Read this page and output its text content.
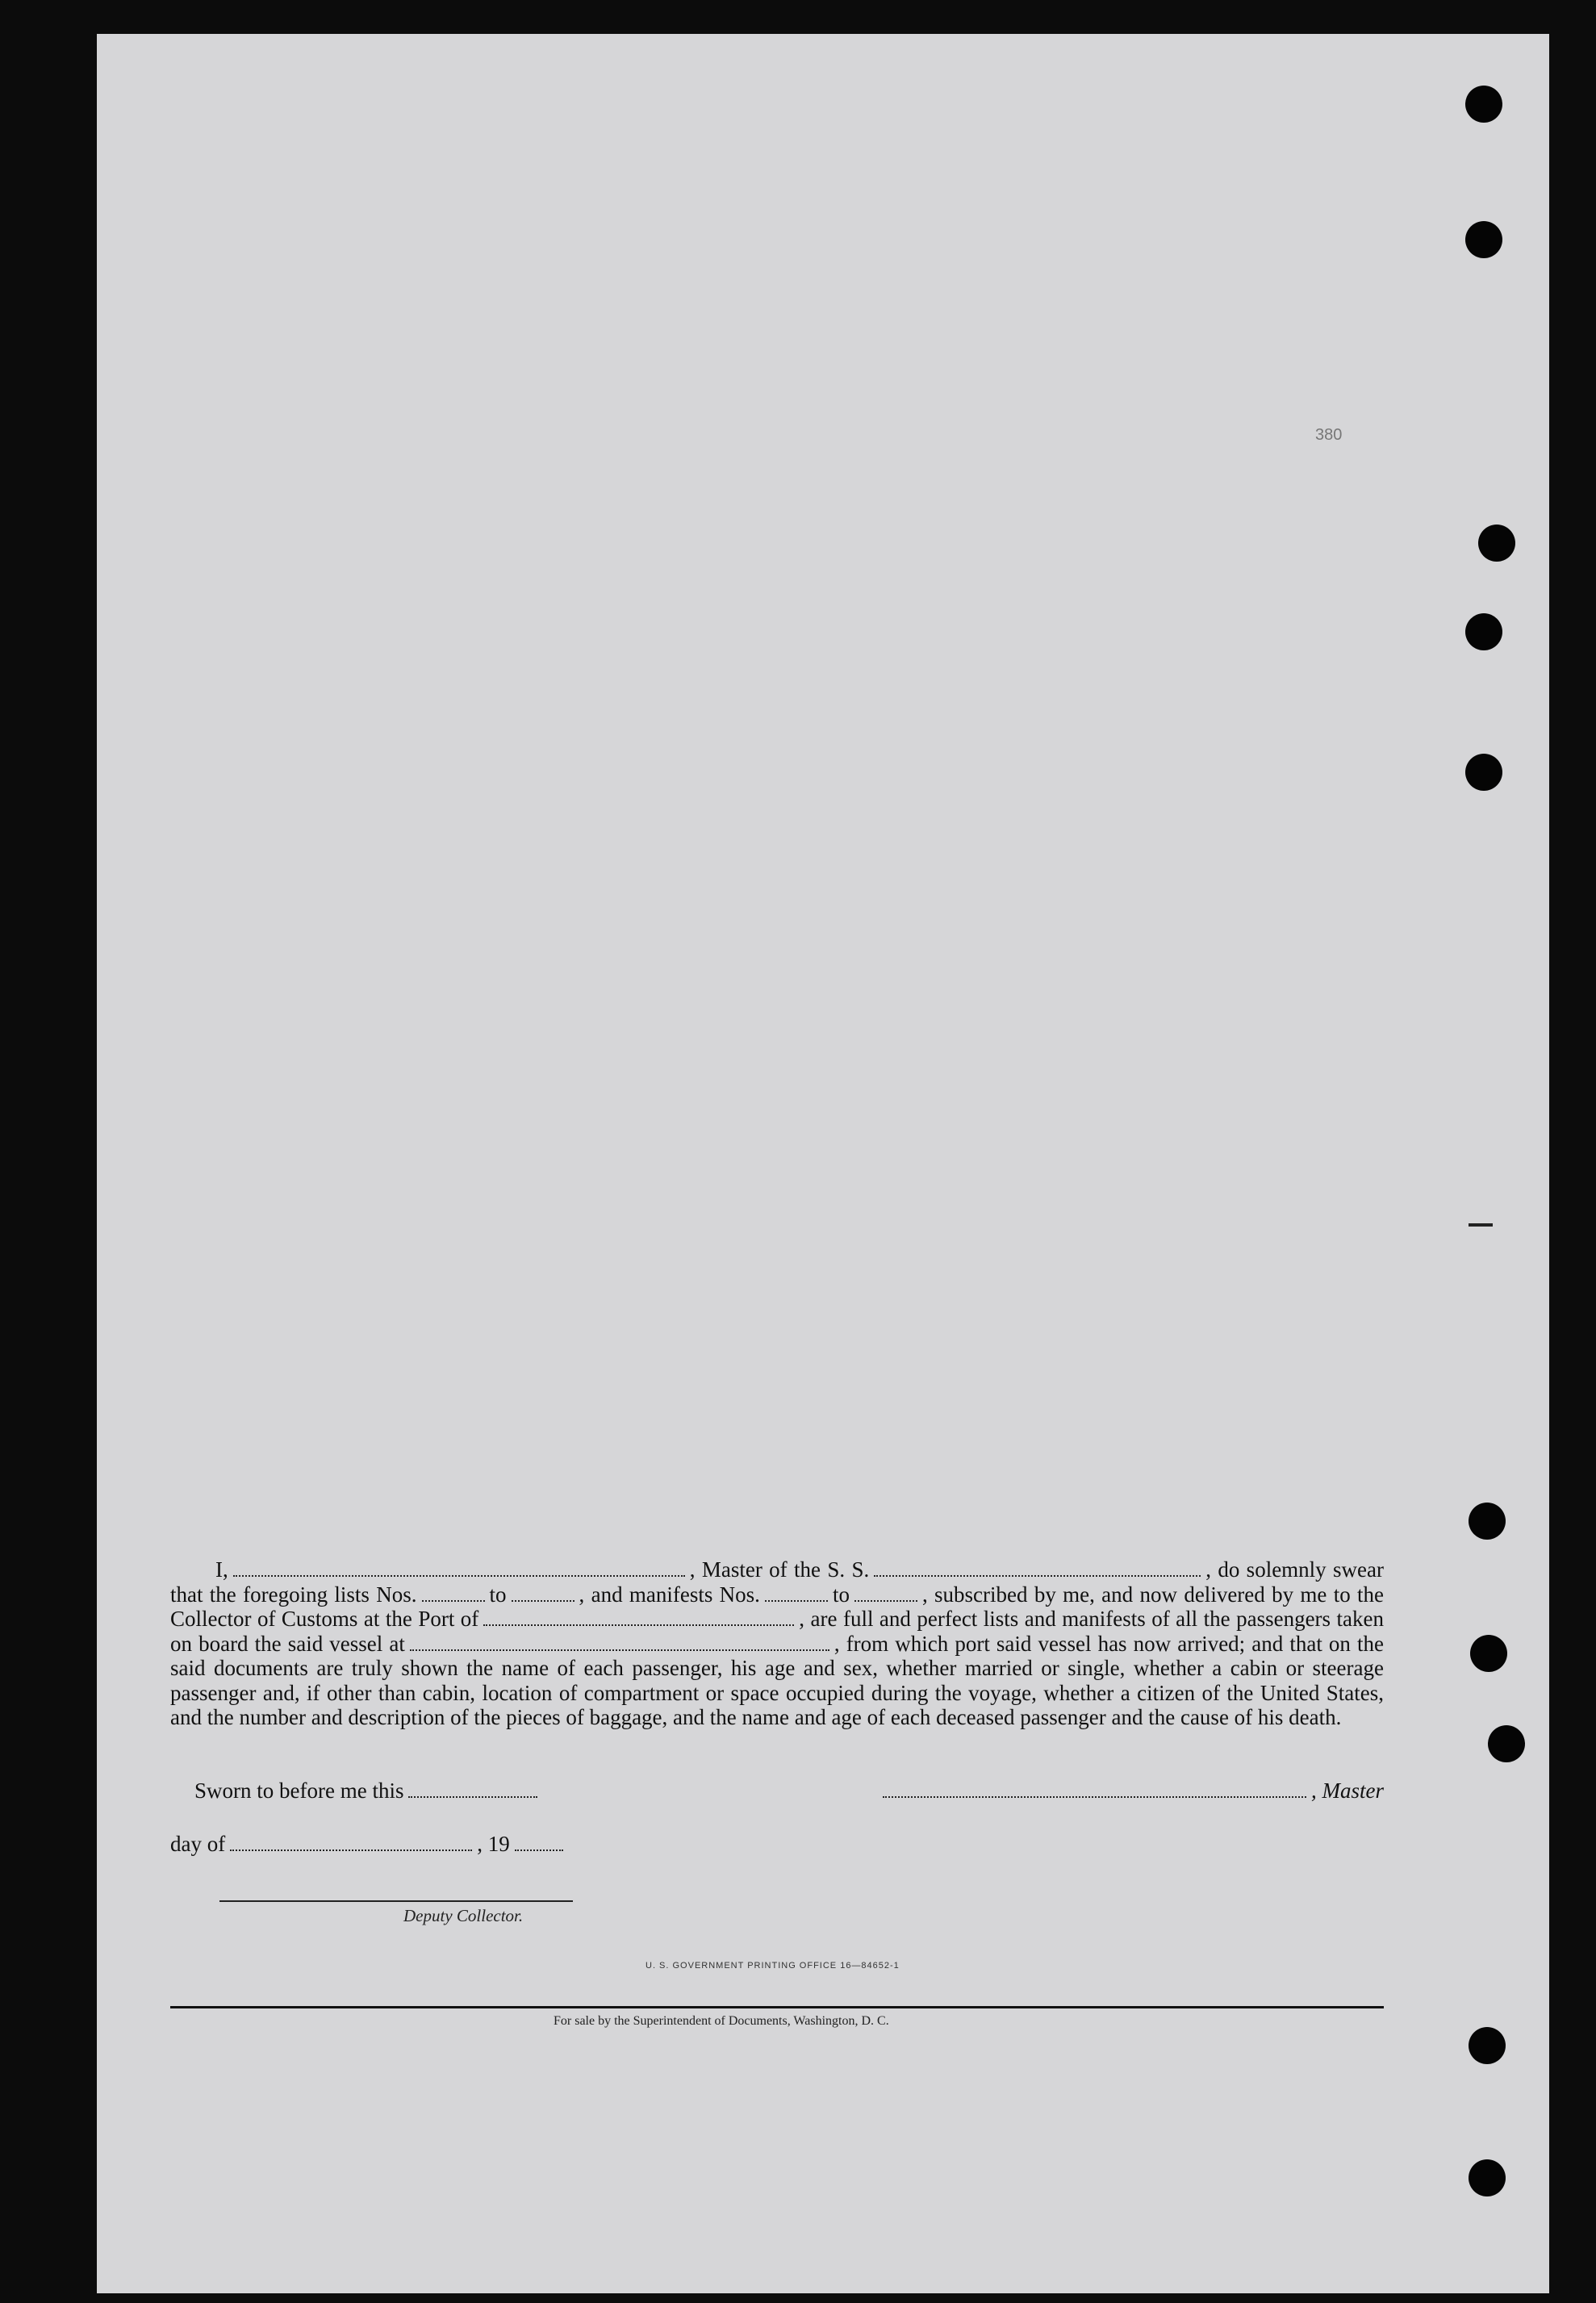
380
I,	, Master of the S. S.	, do solemnly swear that the foregoing lists Nos.	to	, and manifests Nos.	to	, subscribed by me, and now delivered by me to the Collector of Customs at the Port of	, are full and perfect lists and manifests of all the passengers taken on board the said vessel at	, from which port said vessel has now arrived; and that on the said documents are truly shown the name of each passenger, his age and sex, whether married or single, whether a cabin or steerage passenger and, if other than cabin, location of compartment or space occupied during the voyage, whether a citizen of the United States, and the number and description of the pieces of baggage, and the name and age of each deceased passenger and the cause of his death.
Sworn to before me this	, Master
day of	, 19
Deputy Collector.
U. S. GOVERNMENT PRINTING OFFICE 16—84652-1
For sale by the Superintendent of Documents, Washington, D. C.
